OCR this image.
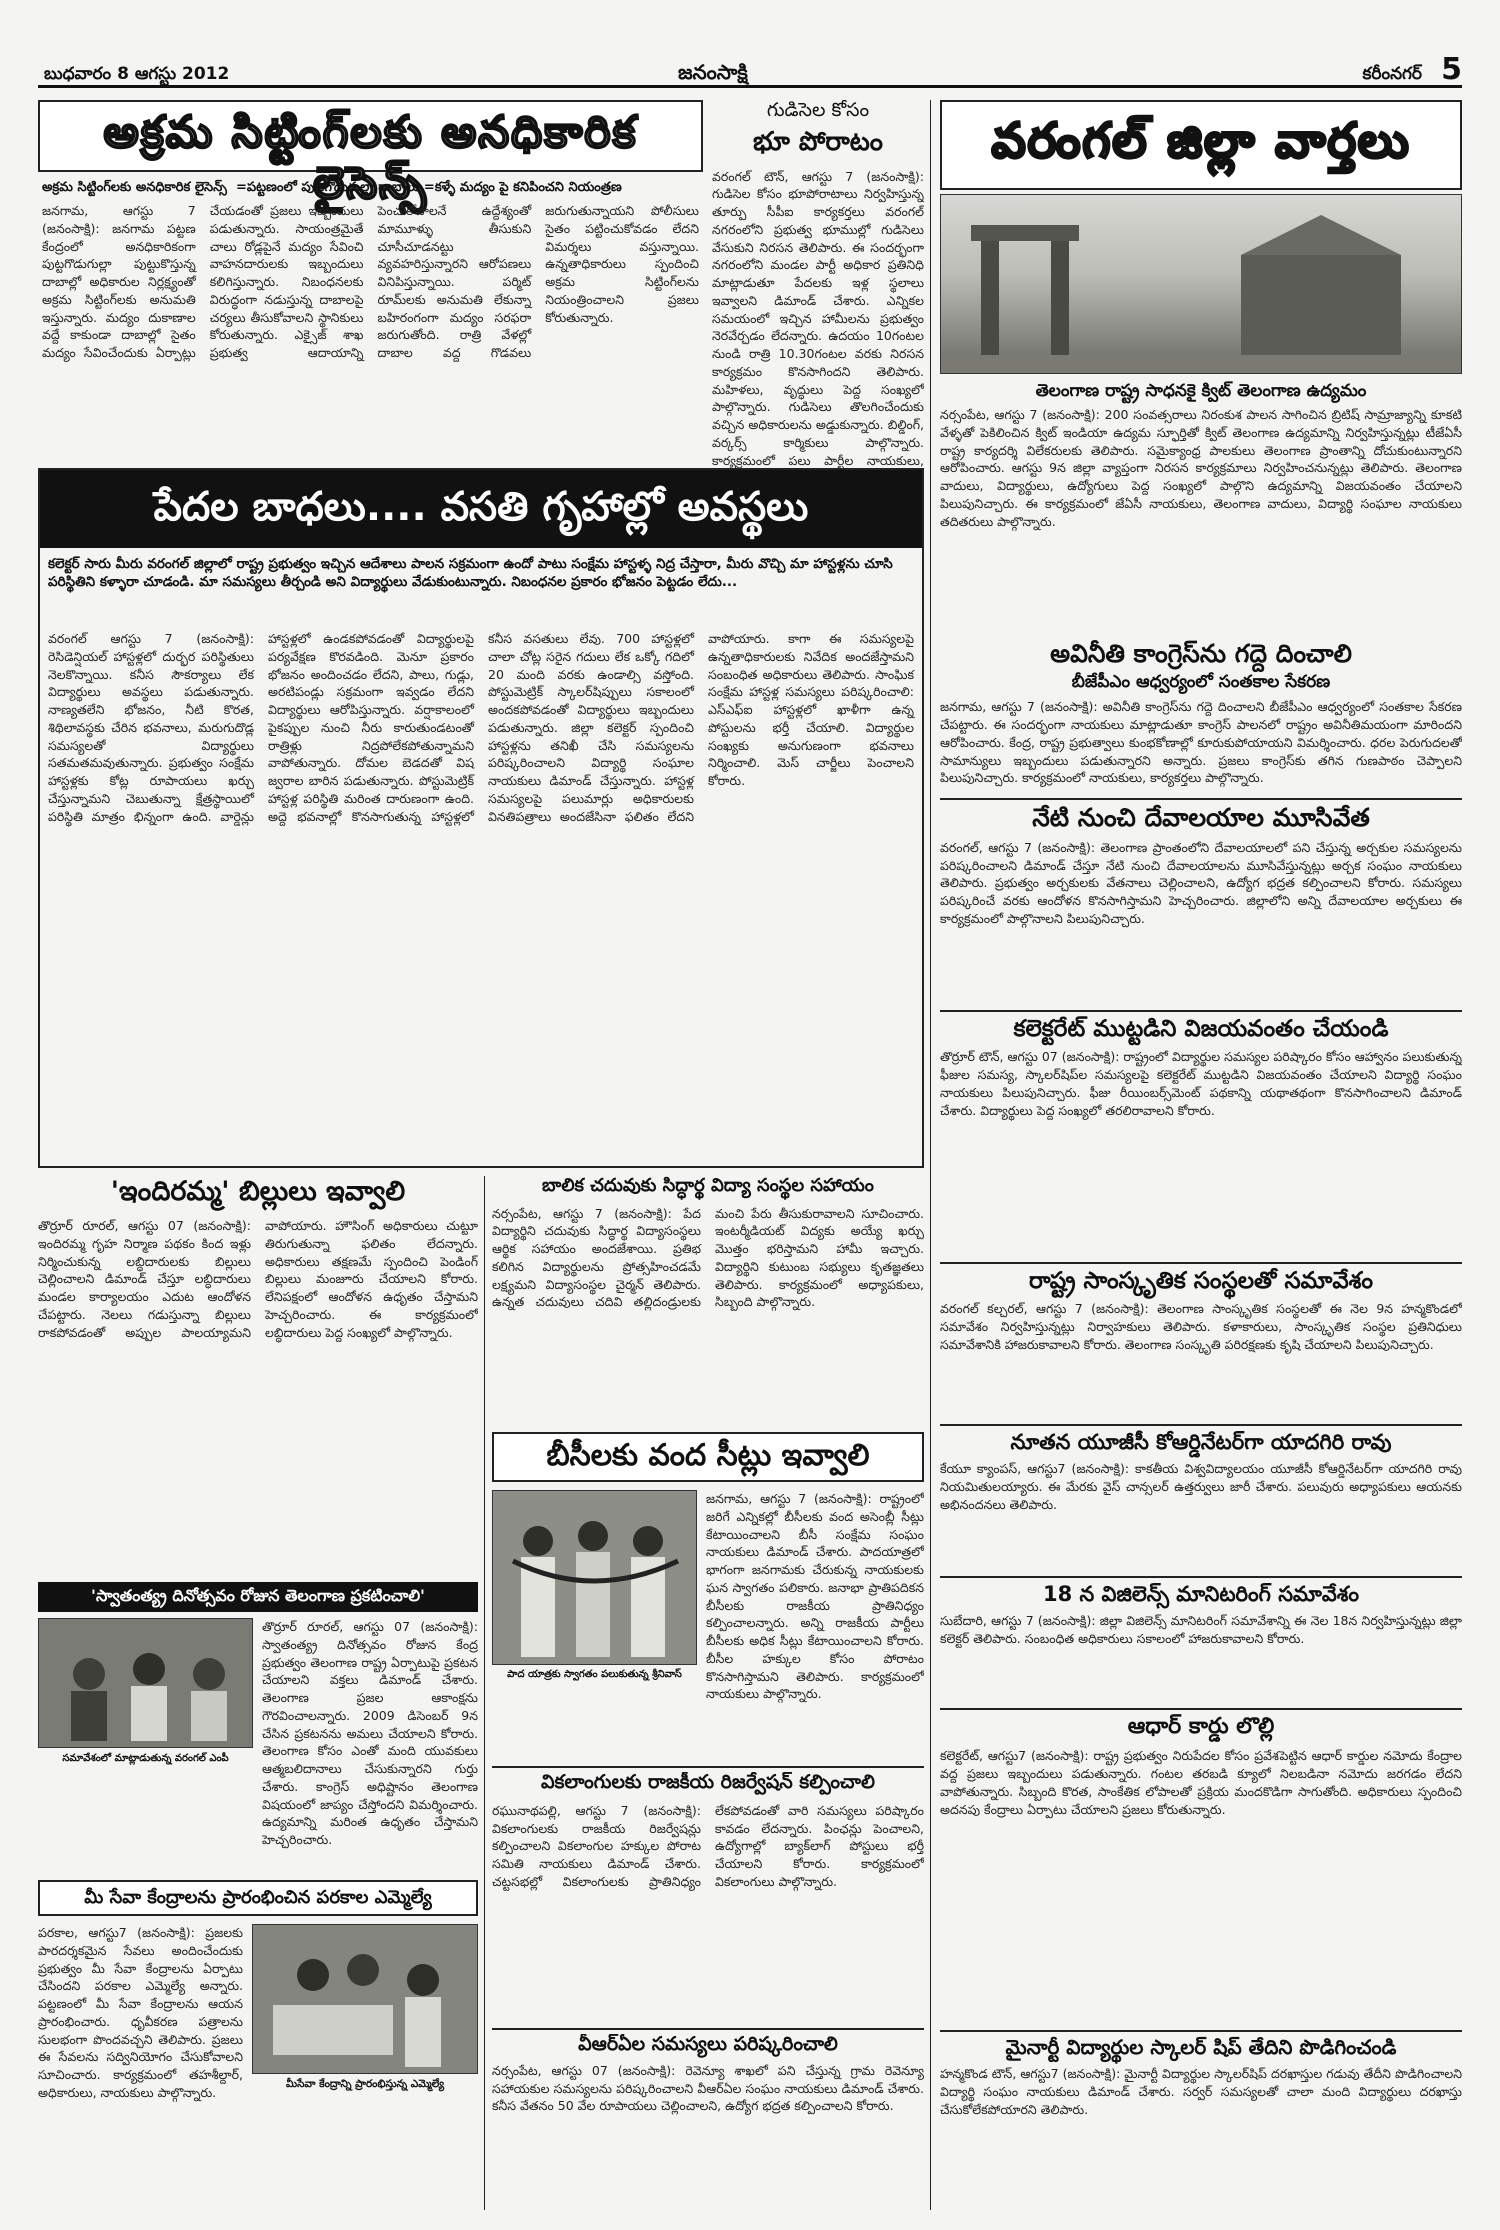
బుధవారం 8 ఆగస్టు 2012	జనంసాక్షి	కరీంనగర్ 5
అక్రమ సిట్టింగ్‌లకు అనధికారిక లైసెన్స్
అక్రమ సిట్టింగ్‌లకు అనధికారిక లైసెన్స్ ‍‍‍ =పట్టణంలో పుట్టగొడుగుల్లా దాబాలు =కళ్ళే మద్యం పై కనిపించని నియంత్రణ
జనగామ, ఆగస్టు 7 (జనంసాక్షి): జనగామ పట్టణ కేంద్రంలో అనధికారికంగా పుట్టగొడుగుల్లా పుట్టుకొస్తున్న దాబాల్లో అధికారుల నిర్లక్ష్యంతో అక్రమ సిట్టింగ్‌లకు అనుమతి ఇస్తున్నారు. మద్యం దుకాణాల వద్దే కాకుండా దాబాల్లో సైతం మద్యం సేవించేందుకు ఏర్పాట్లు చేయడంతో ప్రజలు ఇబ్బందులు పడుతున్నారు. సాయంత్రమైతే చాలు రోడ్లపైనే మద్యం సేవించి వాహనదారులకు ఇబ్బందులు కలిగిస్తున్నారు. నిబంధనలకు విరుద్ధంగా నడుస్తున్న దాబాలపై చర్యలు తీసుకోవాలని స్థానికులు కోరుతున్నారు. ఎక్సైజ్ శాఖ ప్రభుత్వ ఆదాయాన్ని పెంచుకోవాలనే ఉద్దేశ్యంతో మామూళ్ళు తీసుకుని చూసీచూడనట్టు వ్యవహరిస్తున్నారని ఆరోపణలు వినిపిస్తున్నాయి. పర్మిట్ రూమ్‌లకు అనుమతి లేకున్నా బహిరంగంగా మద్యం సరఫరా జరుగుతోంది. రాత్రి వేళల్లో దాబాల వద్ద గొడవలు జరుగుతున్నాయని పోలీసులు సైతం పట్టించుకోవడం లేదని విమర్శలు వస్తున్నాయి. ఉన్నతాధికారులు స్పందించి అక్రమ సిట్టింగ్‌లను నియంత్రించాలని ప్రజలు కోరుతున్నారు.
గుడిసెల కోసం
భూ పోరాటం
వరంగల్ టౌన్, ఆగస్టు 7 (జనంసాక్షి): గుడిసెల కోసం భూపోరాటాలు నిర్వహిస్తున్న తూర్పు సీపీఐ కార్యకర్తలు వరంగల్ నగరంలోని ప్రభుత్వ భూముల్లో గుడిసెలు వేసుకుని నిరసన తెలిపారు. ఈ సందర్భంగా నగరంలోని మండల పార్టీ అధికార ప్రతినిధి మాట్లాడుతూ పేదలకు ఇళ్ల స్థలాలు ఇవ్వాలని డిమాండ్ చేశారు. ఎన్నికల సమయంలో ఇచ్చిన హామీలను ప్రభుత్వం నెరవేర్చడం లేదన్నారు. ఉదయం 10గంటల నుండి రాత్రి 10.30గంటల వరకు నిరసన కార్యక్రమం కొనసాగిందని తెలిపారు. మహిళలు, వృద్ధులు పెద్ద సంఖ్యలో పాల్గొన్నారు. గుడిసెలు తొలగించేందుకు వచ్చిన అధికారులను అడ్డుకున్నారు. బిల్డింగ్, వర్కర్స్ కార్మికులు పాల్గొన్నారు. కార్యక్రమంలో పలు పార్టీల నాయకులు,
వరంగల్ జిల్లా వార్తలు
తెలంగాణ రాష్ట్ర సాధనకై క్విట్ తెలంగాణ ఉద్యమం
నర్సంపేట, ఆగస్టు 7 (జనంసాక్షి): 200 సంవత్సరాలు నిరంకుశ పాలన సాగించిన బ్రిటిష్ సామ్రాజ్యాన్ని కూకటి వేళ్ళతో పెకిలించిన క్విట్ ఇండియా ఉద్యమ స్ఫూర్తితో క్విట్ తెలంగాణ ఉద్యమాన్ని నిర్వహిస్తున్నట్లు టీజేఏసీ రాష్ట్ర కార్యదర్శి విలేకరులకు తెలిపారు. సమైక్యాంధ్ర పాలకులు తెలంగాణ ప్రాంతాన్ని దోచుకుంటున్నారని ఆరోపించారు. ఆగస్టు 9న జిల్లా వ్యాప్తంగా నిరసన కార్యక్రమాలు నిర్వహించనున్నట్లు తెలిపారు. తెలంగాణ వాదులు, విద్యార్థులు, ఉద్యోగులు పెద్ద సంఖ్యలో పాల్గొని ఉద్యమాన్ని విజయవంతం చేయాలని పిలుపునిచ్చారు. ఈ కార్యక్రమంలో జేఏసీ నాయకులు, తెలంగాణ వాదులు, విద్యార్థి సంఘాల నాయకులు తదితరులు పాల్గొన్నారు.
పేదల బాధలు.... వసతి గృహాల్లో అవస్థలు
కలెక్టర్ సారు మీరు వరంగల్ జిల్లాలో రాష్ట్ర ప్రభుత్వం ఇచ్చిన ఆదేశాలు పాలన సక్రమంగా ఉందో పాటు సంక్షేమ హాస్టళ్ళ నిద్ర చేస్తారా, మీరు వొచ్చి మా హాస్టళ్లను చూసి పరిస్థితిని కళ్ళారా చూడండి. మా సమస్యలు తీర్చండి అని విద్యార్థులు వేడుకుంటున్నారు. నిబంధనల ప్రకారం భోజనం పెట్టడం లేదు...
వరంగల్ ఆగస్టు 7 (జనంసాక్షి): రెసిడెన్షియల్ హాస్టళ్లలో దుర్భర పరిస్థితులు నెలకొన్నాయి. కనీస సౌకర్యాలు లేక విద్యార్థులు అవస్థలు పడుతున్నారు. నాణ్యతలేని భోజనం, నీటి కొరత, శిథిలావస్థకు చేరిన భవనాలు, మరుగుదొడ్ల సమస్యలతో విద్యార్థులు సతమతమవుతున్నారు. ప్రభుత్వం సంక్షేమ హాస్టళ్లకు కోట్ల రూపాయలు ఖర్చు చేస్తున్నామని చెబుతున్నా క్షేత్రస్థాయిలో పరిస్థితి మాత్రం భిన్నంగా ఉంది. వార్డెన్లు హాస్టళ్లలో ఉండకపోవడంతో విద్యార్థులపై పర్యవేక్షణ కొరవడింది. మెనూ ప్రకారం భోజనం అందించడం లేదని, పాలు, గుడ్లు, అరటిపండ్లు సక్రమంగా ఇవ్వడం లేదని విద్యార్థులు ఆరోపిస్తున్నారు. వర్షాకాలంలో పైకప్పుల నుంచి నీరు కారుతుండటంతో రాత్రిళ్లు నిద్రపోలేకపోతున్నామని వాపోతున్నారు. దోమల బెడదతో విష జ్వరాల బారిన పడుతున్నారు. పోస్టుమెట్రిక్ హాస్టళ్ల పరిస్థితి మరింత దారుణంగా ఉంది. అద్దె భవనాల్లో కొనసాగుతున్న హాస్టళ్లలో కనీస వసతులు లేవు. 700 హాస్టళ్లలో చాలా చోట్ల సరైన గదులు లేక ఒక్కో గదిలో 20 మంది వరకు ఉండాల్సి వస్తోంది. పోస్టుమెట్రిక్ స్కాలర్‌షిప్పులు సకాలంలో అందకపోవడంతో విద్యార్థులు ఇబ్బందులు పడుతున్నారు. జిల్లా కలెక్టర్ స్పందించి హాస్టళ్లను తనిఖీ చేసి సమస్యలను పరిష్కరించాలని విద్యార్థి సంఘాల నాయకులు డిమాండ్ చేస్తున్నారు. హాస్టళ్ల సమస్యలపై పలుమార్లు అధికారులకు వినతిపత్రాలు అందజేసినా ఫలితం లేదని వాపోయారు. కాగా ఈ సమస్యలపై ఉన్నతాధికారులకు నివేదిక అందజేస్తామని సంబంధిత అధికారులు తెలిపారు. సాంఘిక సంక్షేమ హాస్టళ్ల సమస్యలు పరిష్కరించాలి: ఎస్ఎఫ్ఐ హాస్టళ్లలో ఖాళీగా ఉన్న పోస్టులను భర్తీ చేయాలి. విద్యార్థుల సంఖ్యకు అనుగుణంగా భవనాలు నిర్మించాలి. మెస్ చార్జీలు పెంచాలని కోరారు.
అవినీతి కాంగ్రెస్‌ను గద్దె దించాలి
బీజేపీఎం ఆధ్వర్యంలో సంతకాల సేకరణ
జనగామ, ఆగస్టు 7 (జనంసాక్షి): అవినీతి కాంగ్రెస్‌ను గద్దె దించాలని బీజేపీఎం ఆధ్వర్యంలో సంతకాల సేకరణ చేపట్టారు. ఈ సందర్భంగా నాయకులు మాట్లాడుతూ కాంగ్రెస్ పాలనలో రాష్ట్రం అవినీతిమయంగా మారిందని ఆరోపించారు. కేంద్ర, రాష్ట్ర ప్రభుత్వాలు కుంభకోణాల్లో కూరుకుపోయాయని విమర్శించారు. ధరల పెరుగుదలతో సామాన్యులు ఇబ్బందులు పడుతున్నారని అన్నారు. ప్రజలు కాంగ్రెస్‌కు తగిన గుణపాఠం చెప్పాలని పిలుపునిచ్చారు. కార్యక్రమంలో నాయకులు, కార్యకర్తలు పాల్గొన్నారు.
నేటి నుంచి దేవాలయాల మూసివేత
వరంగల్, ఆగస్టు 7 (జనంసాక్షి): తెలంగాణ ప్రాంతంలోని దేవాలయాలలో పని చేస్తున్న అర్చకుల సమస్యలను పరిష్కరించాలని డిమాండ్ చేస్తూ నేటి నుంచి దేవాలయాలను మూసివేస్తున్నట్లు అర్చక సంఘం నాయకులు తెలిపారు. ప్రభుత్వం అర్చకులకు వేతనాలు చెల్లించాలని, ఉద్యోగ భద్రత కల్పించాలని కోరారు. సమస్యలు పరిష్కరించే వరకు ఆందోళన కొనసాగిస్తామని హెచ్చరించారు. జిల్లాలోని అన్ని దేవాలయాల అర్చకులు ఈ కార్యక్రమంలో పాల్గొనాలని పిలుపునిచ్చారు.
కలెక్టరేట్ ముట్టడిని విజయవంతం చేయండి
తొర్రూర్ టౌన్, ఆగస్టు 07 (జనంసాక్షి): రాష్ట్రంలో విద్యార్థుల సమస్యల పరిష్కారం కోసం ఆహ్వానం పలుకుతున్న ఫీజుల సమస్య, స్కాలర్‌షిప్‌ల సమస్యలపై కలెక్టరేట్ ముట్టడిని విజయవంతం చేయాలని విద్యార్థి సంఘం నాయకులు పిలుపునిచ్చారు. ఫీజు రీయింబర్స్‌మెంట్ పథకాన్ని యథాతథంగా కొనసాగించాలని డిమాండ్ చేశారు. విద్యార్థులు పెద్ద సంఖ్యలో తరలిరావాలని కోరారు.
రాష్ట్ర సాంస్కృతిక సంస్థలతో సమావేశం
వరంగల్ కల్చరల్, ఆగస్టు 7 (జనంసాక్షి): తెలంగాణ సాంస్కృతిక సంస్థలతో ఈ నెల 9న హన్మకొండలో సమావేశం నిర్వహిస్తున్నట్లు నిర్వాహకులు తెలిపారు. కళాకారులు, సాంస్కృతిక సంస్థల ప్రతినిధులు సమావేశానికి హాజరుకావాలని కోరారు. తెలంగాణ సంస్కృతి పరిరక్షణకు కృషి చేయాలని పిలుపునిచ్చారు.
నూతన యూజీసీ కోఆర్డినేటర్‌గా యాదగిరి రావు
కేయూ క్యాంపస్, ఆగస్టు7 (జనంసాక్షి): కాకతీయ విశ్వవిద్యాలయం యూజీసీ కోఆర్డినేటర్‌గా యాదగిరి రావు నియమితులయ్యారు. ఈ మేరకు వైస్ చాన్సలర్ ఉత్తర్వులు జారీ చేశారు. పలువురు అధ్యాపకులు ఆయనకు అభినందనలు తెలిపారు.
18 న విజిలెన్స్ మానిటరింగ్ సమావేశం
సుబేదారి, ఆగస్టు 7 (జనంసాక్షి): జిల్లా విజిలెన్స్ మానిటరింగ్ సమావేశాన్ని ఈ నెల 18న నిర్వహిస్తున్నట్లు జిల్లా కలెక్టర్ తెలిపారు. సంబంధిత అధికారులు సకాలంలో హాజరుకావాలని కోరారు.
ఆధార్ కార్డు లొల్లి
కలెక్టరేట్, ఆగస్టు7 (జనంసాక్షి): రాష్ట్ర ప్రభుత్వం నిరుపేదల కోసం ప్రవేశపెట్టిన ఆధార్ కార్డుల నమోదు కేంద్రాల వద్ద ప్రజలు ఇబ్బందులు పడుతున్నారు. గంటల తరబడి క్యూలో నిలబడినా నమోదు జరగడం లేదని వాపోతున్నారు. సిబ్బంది కొరత, సాంకేతిక లోపాలతో ప్రక్రియ మందకొడిగా సాగుతోంది. అధికారులు స్పందించి అదనపు కేంద్రాలు ఏర్పాటు చేయాలని ప్రజలు కోరుతున్నారు.
మైనార్టీ విద్యార్థుల స్కాలర్ షిప్ తేదిని పొడిగించండి
హన్మకొండ టౌన్, ఆగస్టు7 (జనంసాక్షి): మైనార్టీ విద్యార్థుల స్కాలర్‌షిప్ దరఖాస్తుల గడువు తేదీని పొడిగించాలని విద్యార్థి సంఘం నాయకులు డిమాండ్ చేశారు. సర్వర్ సమస్యలతో చాలా మంది విద్యార్థులు దరఖాస్తు చేసుకోలేకపోయారని తెలిపారు.
'ఇందిరమ్మ' బిల్లులు ఇవ్వాలి
తొర్రూర్ రూరల్, ఆగస్టు 07 (జనంసాక్షి): ఇందిరమ్మ గృహ నిర్మాణ పథకం కింద ఇళ్లు నిర్మించుకున్న లబ్ధిదారులకు బిల్లులు చెల్లించాలని డిమాండ్ చేస్తూ లబ్ధిదారులు మండల కార్యాలయం ఎదుట ఆందోళన చేపట్టారు. నెలలు గడుస్తున్నా బిల్లులు రాకపోవడంతో అప్పుల పాలయ్యామని వాపోయారు. హౌసింగ్ అధికారులు చుట్టూ తిరుగుతున్నా ఫలితం లేదన్నారు. అధికారులు తక్షణమే స్పందించి పెండింగ్ బిల్లులు మంజూరు చేయాలని కోరారు. లేనిపక్షంలో ఆందోళన ఉధృతం చేస్తామని హెచ్చరించారు. ఈ కార్యక్రమంలో లబ్ధిదారులు పెద్ద సంఖ్యలో పాల్గొన్నారు.
'స్వాతంత్య్ర దినోత్సవం రోజున తెలంగాణ ప్రకటించాలి'
సమావేశంలో మాట్లాడుతున్న వరంగల్ ఎంపీ
తొర్రూర్ రూరల్, ఆగస్టు 07 (జనంసాక్షి): స్వాతంత్య్ర దినోత్సవం రోజున కేంద్ర ప్రభుత్వం తెలంగాణ రాష్ట్ర ఏర్పాటుపై ప్రకటన చేయాలని వక్తలు డిమాండ్ చేశారు. తెలంగాణ ప్రజల ఆకాంక్షను గౌరవించాలన్నారు. 2009 డిసెంబర్ 9న చేసిన ప్రకటనను అమలు చేయాలని కోరారు. తెలంగాణ కోసం ఎంతో మంది యువకులు ఆత్మబలిదానాలు చేసుకున్నారని గుర్తు చేశారు. కాంగ్రెస్ అధిష్టానం తెలంగాణ విషయంలో జాప్యం చేస్తోందని విమర్శించారు. ఉద్యమాన్ని మరింత ఉధృతం చేస్తామని హెచ్చరించారు.
మీ సేవా కేంద్రాలను ప్రారంభించిన పరకాల ఎమ్మెల్యే
పరకాల, ఆగస్టు7 (జనంసాక్షి): ప్రజలకు పారదర్శకమైన సేవలు అందించేందుకు ప్రభుత్వం మీ సేవా కేంద్రాలను ఏర్పాటు చేసిందని పరకాల ఎమ్మెల్యే అన్నారు. పట్టణంలో మీ సేవా కేంద్రాలను ఆయన ప్రారంభించారు. ధృవీకరణ పత్రాలను సులభంగా పొందవచ్చని తెలిపారు. ప్రజలు ఈ సేవలను సద్వినియోగం చేసుకోవాలని సూచించారు. కార్యక్రమంలో తహశీల్దార్, అధికారులు, నాయకులు పాల్గొన్నారు.
మీసేవా కేంద్రాన్ని ప్రారంభిస్తున్న ఎమ్మెల్యే
బాలిక చదువుకు సిద్ధార్థ విద్యా సంస్థల సహాయం
నర్సంపేట, ఆగస్టు 7 (జనంసాక్షి): పేద విద్యార్థిని చదువుకు సిద్ధార్థ విద్యాసంస్థలు ఆర్థిక సహాయం అందజేశాయి. ప్రతిభ కలిగిన విద్యార్థులను ప్రోత్సహించడమే లక్ష్యమని విద్యాసంస్థల చైర్మన్ తెలిపారు. ఉన్నత చదువులు చదివి తల్లిదండ్రులకు మంచి పేరు తీసుకురావాలని సూచించారు. ఇంటర్మీడియట్ విద్యకు అయ్యే ఖర్చు మొత్తం భరిస్తామని హామీ ఇచ్చారు. విద్యార్థిని కుటుంబ సభ్యులు కృతజ్ఞతలు తెలిపారు. కార్యక్రమంలో అధ్యాపకులు, సిబ్బంది పాల్గొన్నారు.
బీసీలకు వంద సీట్లు ఇవ్వాలి
పాద యాత్రకు స్వాగతం పలుకుతున్న శ్రీనివాస్
జనగామ, ఆగస్టు 7 (జనంసాక్షి): రాష్ట్రంలో జరిగే ఎన్నికల్లో బీసీలకు వంద అసెంబ్లీ సీట్లు కేటాయించాలని బీసీ సంక్షేమ సంఘం నాయకులు డిమాండ్ చేశారు. పాదయాత్రలో భాగంగా జనగామకు చేరుకున్న నాయకులకు ఘన స్వాగతం పలికారు. జనాభా ప్రాతిపదికన బీసీలకు రాజకీయ ప్రాతినిధ్యం కల్పించాలన్నారు. అన్ని రాజకీయ పార్టీలు బీసీలకు అధిక సీట్లు కేటాయించాలని కోరారు. బీసీల హక్కుల కోసం పోరాటం కొనసాగిస్తామని తెలిపారు. కార్యక్రమంలో నాయకులు పాల్గొన్నారు.
వికలాంగులకు రాజకీయ రిజర్వేషన్ కల్పించాలి
రఘునాథపల్లి, ఆగస్టు 7 (జనంసాక్షి): వికలాంగులకు రాజకీయ రిజర్వేషన్లు కల్పించాలని వికలాంగుల హక్కుల పోరాట సమితి నాయకులు డిమాండ్ చేశారు. చట్టసభల్లో వికలాంగులకు ప్రాతినిధ్యం లేకపోవడంతో వారి సమస్యలు పరిష్కారం కావడం లేదన్నారు. పింఛన్లు పెంచాలని, ఉద్యోగాల్లో బ్యాక్‌లాగ్ పోస్టులు భర్తీ చేయాలని కోరారు. కార్యక్రమంలో వికలాంగులు పాల్గొన్నారు.
వీఆర్ఏల సమస్యలు పరిష్కరించాలి
నర్సంపేట, ఆగస్టు 07 (జనంసాక్షి): రెవెన్యూ శాఖలో పని చేస్తున్న గ్రామ రెవెన్యూ సహాయకుల సమస్యలను పరిష్కరించాలని వీఆర్ఏల సంఘం నాయకులు డిమాండ్ చేశారు. కనీస వేతనం 50 వేల రూపాయలు చెల్లించాలని, ఉద్యోగ భద్రత కల్పించాలని కోరారు.
